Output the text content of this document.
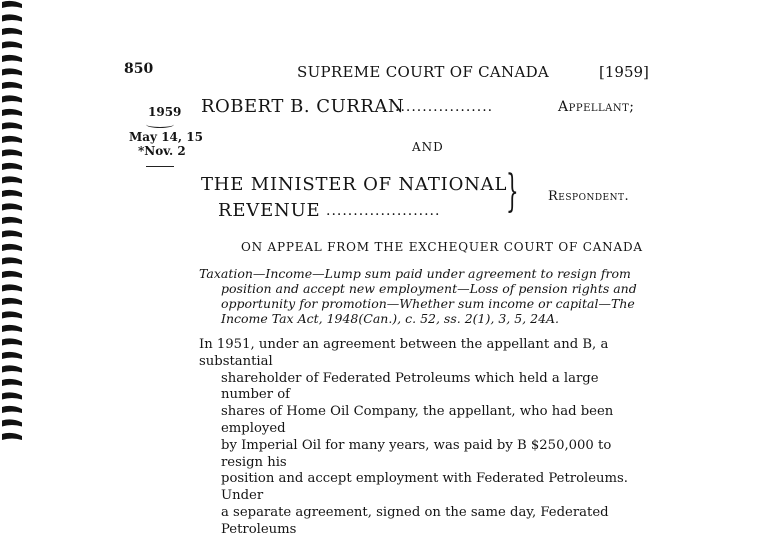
850	SUPREME COURT OF CANADA	[1959]
1959
May 14, 15
*Nov. 2
ROBERT B. CURRAN
..................	Appellant;
AND
THE MINISTER OF NATIONAL
REVENUE ..................... } Respondent.
ON APPEAL FROM THE EXCHEQUER COURT OF CANADA
Taxation—Income—Lump sum paid under agreement to resign from
position and accept new employment—Loss of pension rights and
opportunity for promotion—Whether sum income or capital—The
Income Tax Act, 1948(Can.), c. 52, ss. 2(1), 3, 5, 24A.
In 1951, under an agreement between the appellant and B, a substantial
shareholder of Federated Petroleums which held a large number of
shares of Home Oil Company, the appellant, who had been employed
by Imperial Oil for many years, was paid by B $250,000 to resign his
position and accept employment with Federated Petroleums. Under
a separate agreement, signed on the same day, Federated Petroleums
